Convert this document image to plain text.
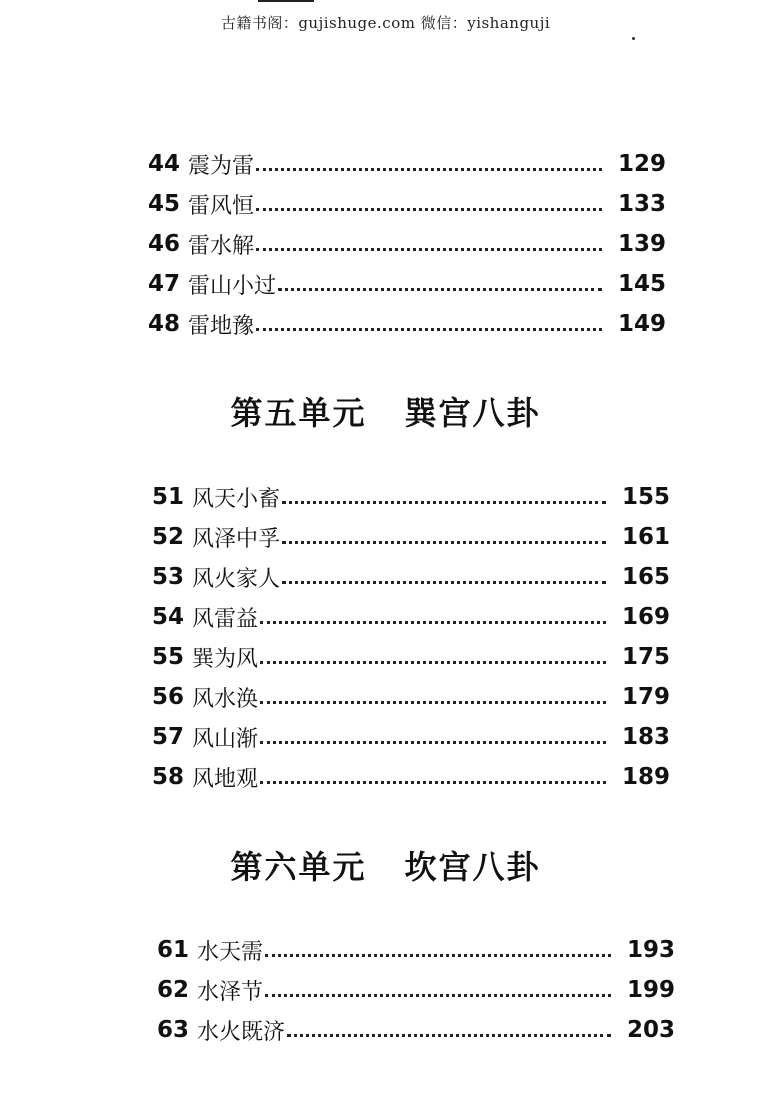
古籍书阁：gujishuge.com 微信：yishanguji
44 震为雷	129
45 雷风恒	133
46 雷水解	139
47 雷山小过	145
48 雷地豫	149
第五单元 巽宫八卦
51 风天小畜	155
52 风泽中孚	161
53 风火家人	165
54 风雷益	169
55 巽为风	175
56 风水涣	179
57 风山渐	183
58 风地观	189
第六单元 坎宫八卦
61 水天需	193
62 水泽节	199
63 水火既济	203
